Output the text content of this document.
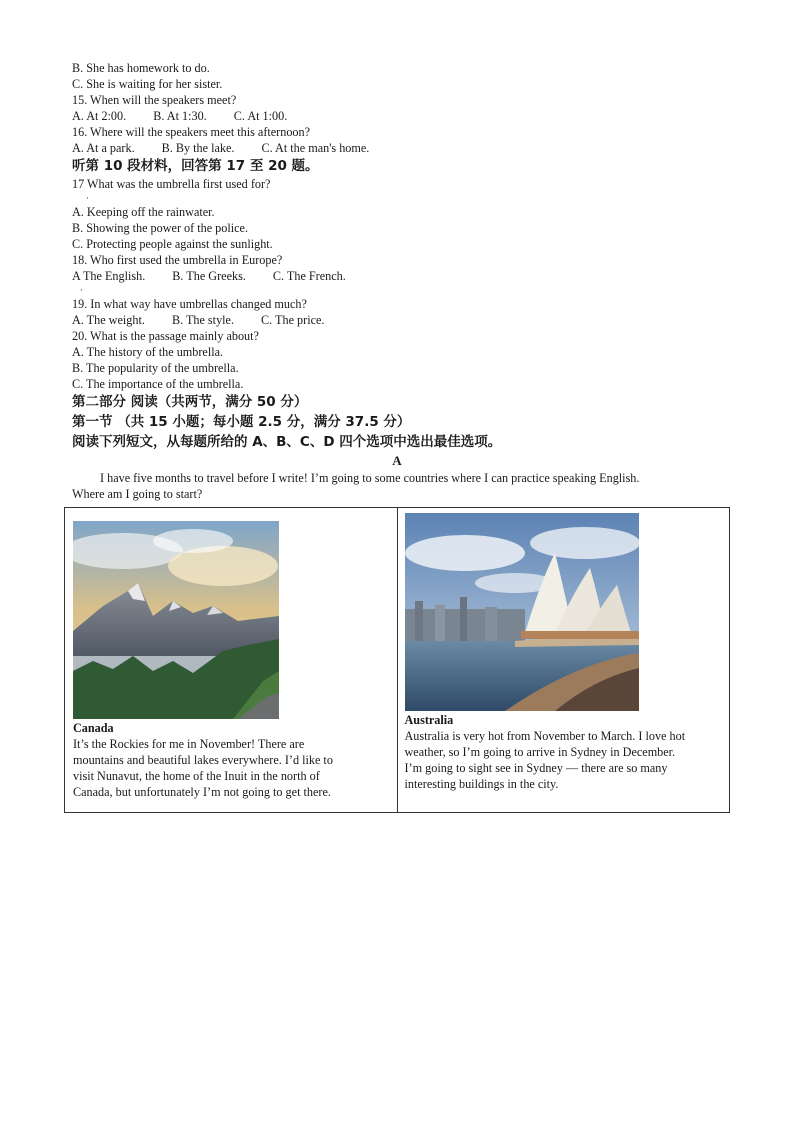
B. She has homework to do.
C. She is waiting for her sister.
15. When will the speakers meet?
A. At 2:00. B. At 1:30. C. At 1:00.
16. Where will the speakers meet this afternoon?
A. At a park. B. By the lake. C. At the man's home.
听第 10 段材料，回答第 17 至 20 题。
17 What was the umbrella first used for?
·
A. Keeping off the rainwater.
B. Showing the power of the police.
C. Protecting people against the sunlight.
18. Who first used the umbrella in Europe?
A The English. B. The Greeks. C. The French.
·
19. In what way have umbrellas changed much?
A. The weight. B. The style. C. The price.
20. What is the passage mainly about?
A. The history of the umbrella.
B. The popularity of the umbrella.
C. The importance of the umbrella.
第二部分 阅读（共两节，满分 50 分）
第一节 （共 15 小题；每小题 2.5 分，满分 37.5 分）
阅读下列短文，从每题所给的 A、B、C、D 四个选项中选出最佳选项。
A
I have five months to travel before I write! I’m going to some countries where I can practice speaking English.
Where am I going to start?
Canada
It’s the Rockies for me in November! There are
mountains and beautiful lakes everywhere. I’d like to
visit Nunavut, the home of the Inuit in the north of
Canada, but unfortunately I’m not going to get there.

Australia
Australia is very hot from November to March. I love hot
weather, so I’m going to arrive in Sydney in December.
I’m going to sight see in Sydney — there are so many
interesting buildings in the city.
